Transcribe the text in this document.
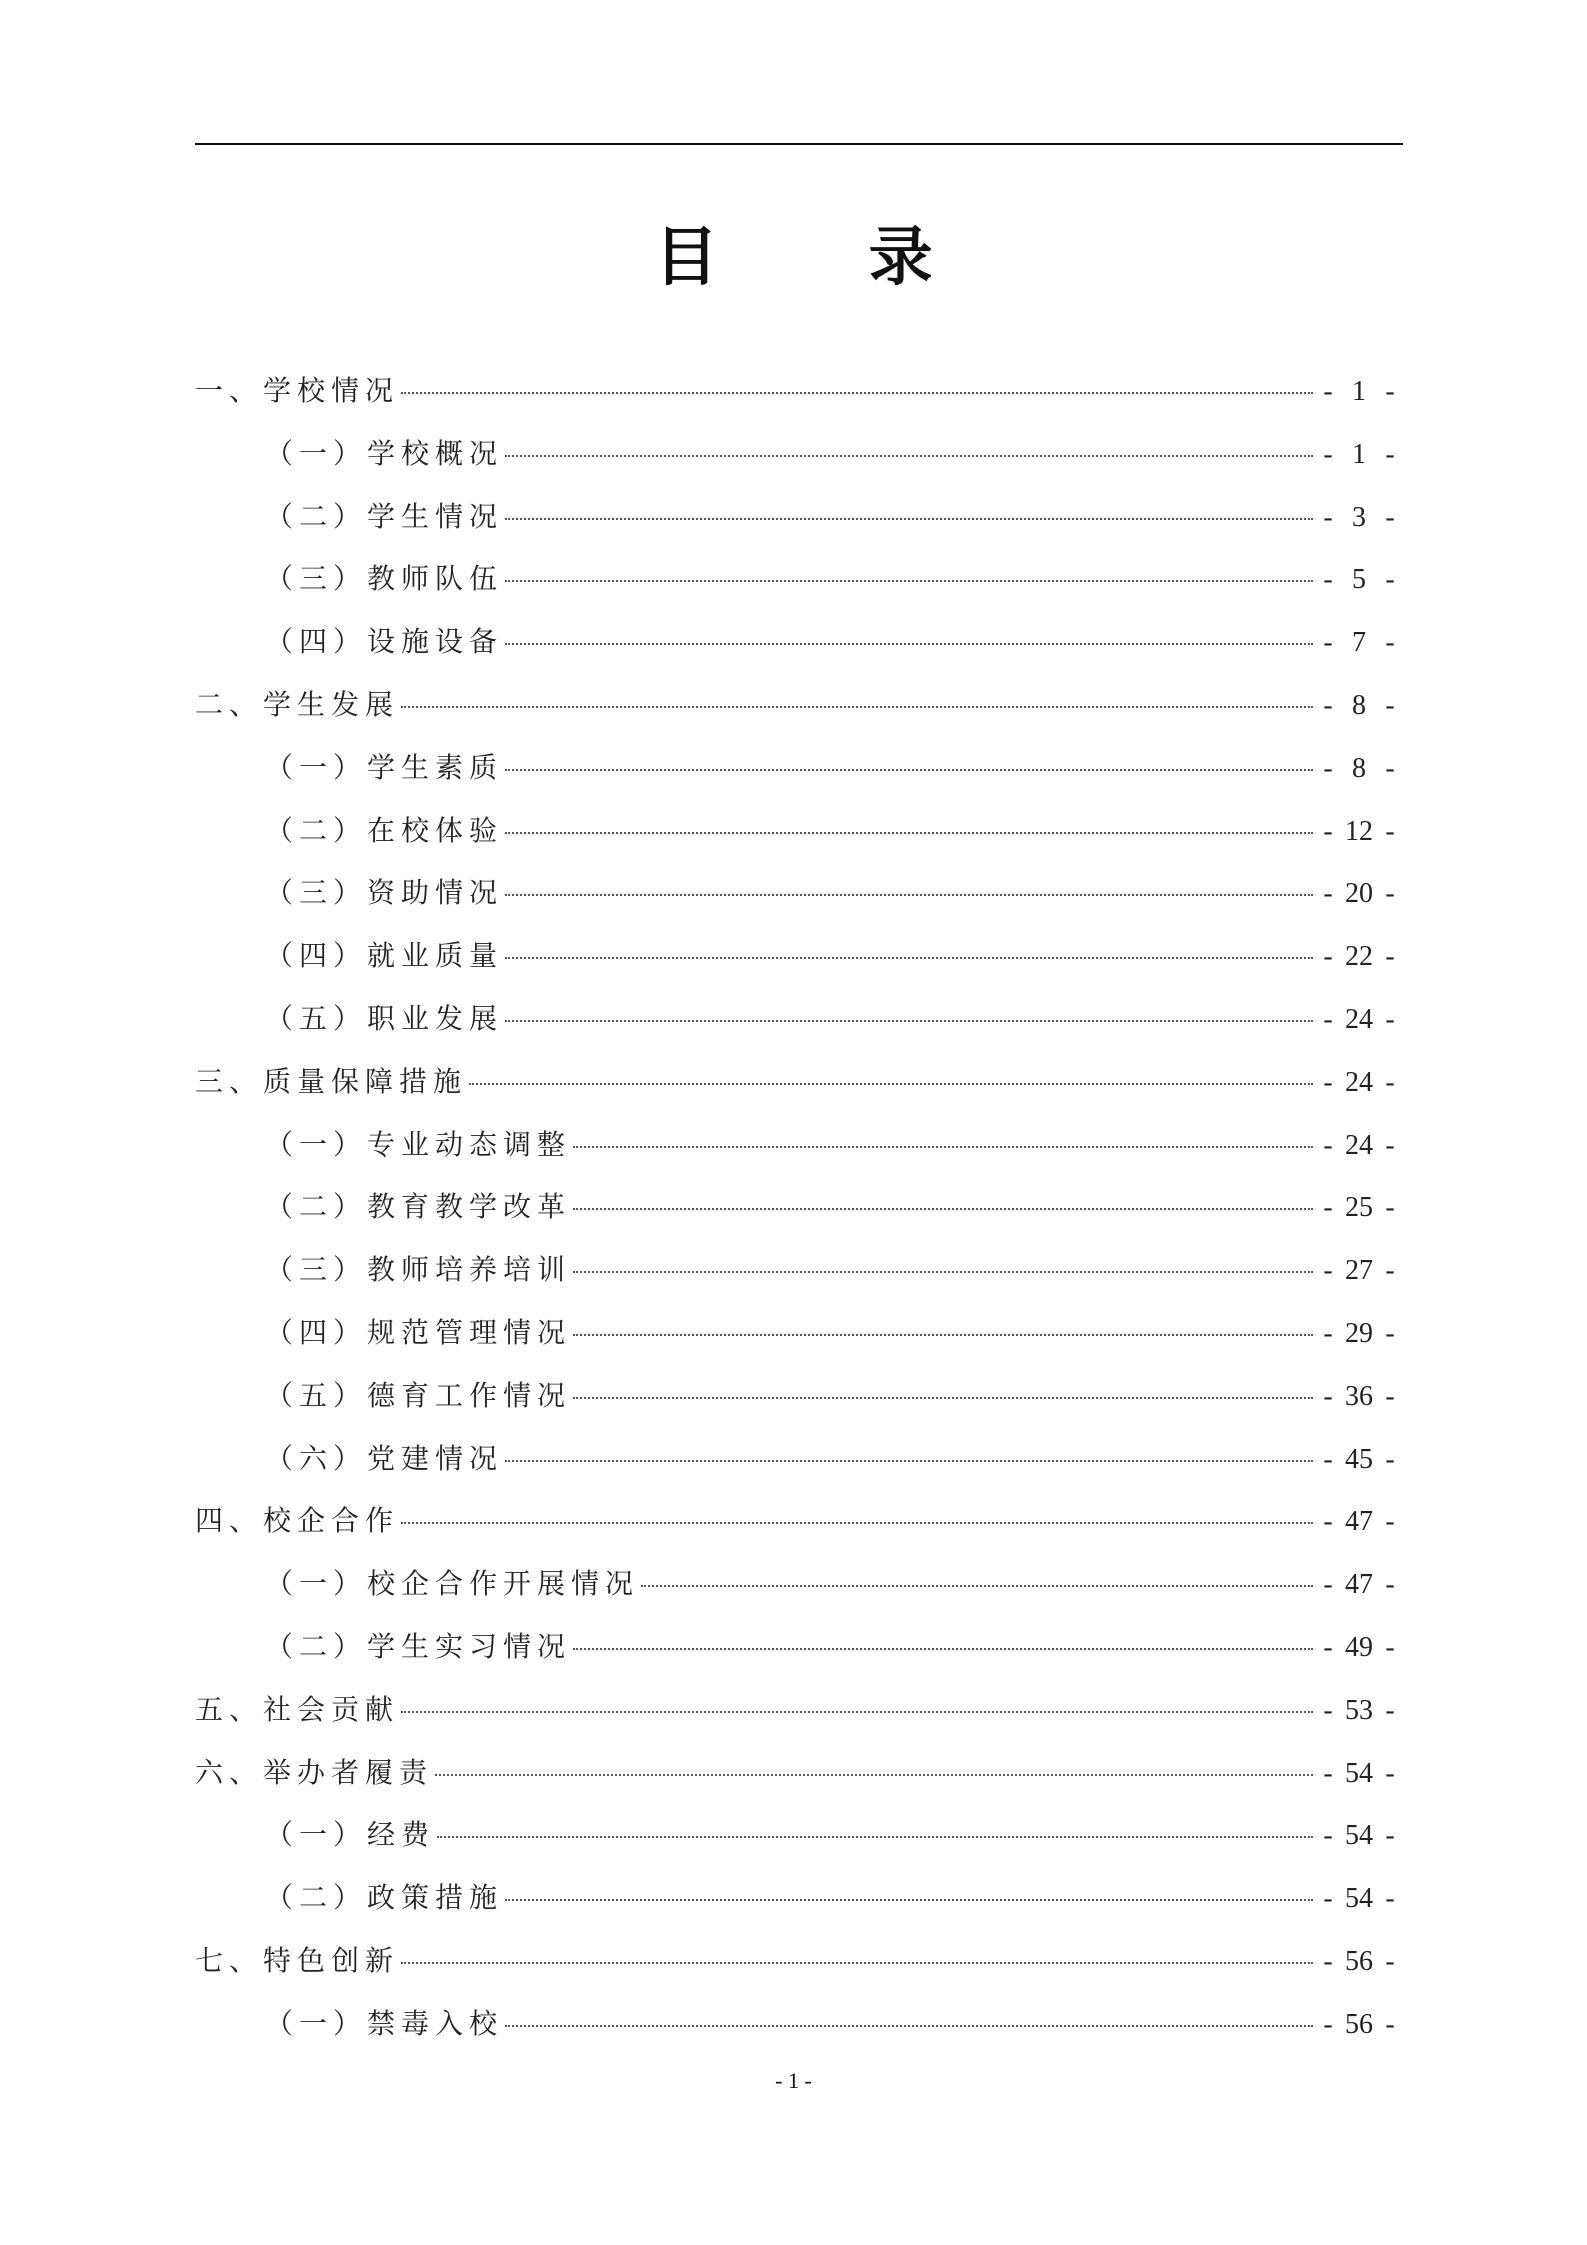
目 录
一、学校情况	- 1 -
（一）学校概况	- 1 -
（二）学生情况	- 3 -
（三）教师队伍	- 5 -
（四）设施设备	- 7 -
二、学生发展	- 8 -
（一）学生素质	- 8 -
（二）在校体验	- 12 -
（三）资助情况	- 20 -
（四）就业质量	- 22 -
（五）职业发展	- 24 -
三、质量保障措施	- 24 -
（一）专业动态调整	- 24 -
（二）教育教学改革	- 25 -
（三）教师培养培训	- 27 -
（四）规范管理情况	- 29 -
（五）德育工作情况	- 36 -
（六）党建情况	- 45 -
四、校企合作	- 47 -
（一）校企合作开展情况	- 47 -
（二）学生实习情况	- 49 -
五、社会贡献	- 53 -
六、举办者履责	- 54 -
（一）经费	- 54 -
（二）政策措施	- 54 -
七、特色创新	- 56 -
（一）禁毒入校	- 56 -
- 1 -
